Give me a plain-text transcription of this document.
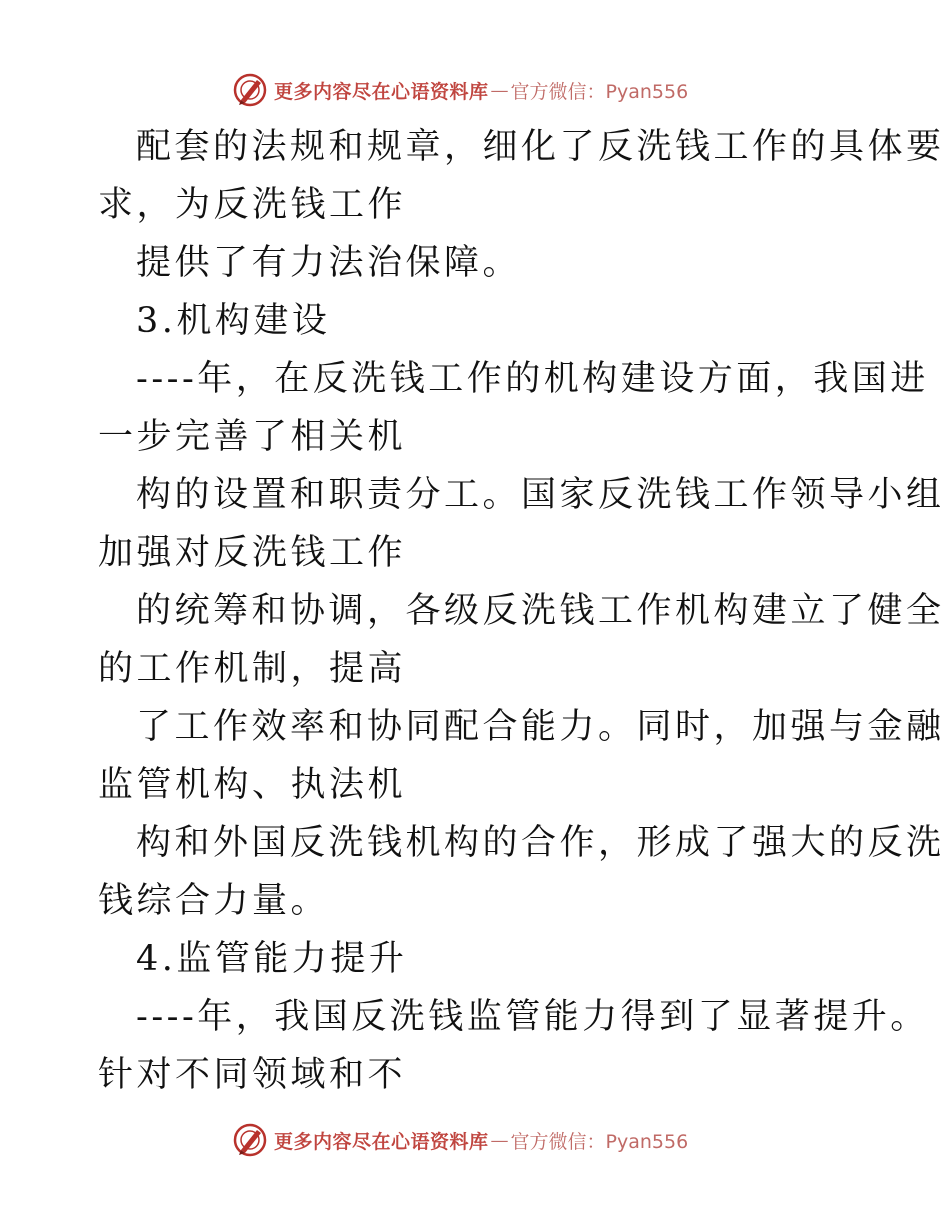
更多内容尽在心语资料库 — 官方微信：Pyan556
配套的法规和规章，细化了反洗钱工作的具体要
求，为反洗钱工作
提供了有力法治保障。
3.机构建设
----年，在反洗钱工作的机构建设方面，我国进
一步完善了相关机
构的设置和职责分工。国家反洗钱工作领导小组
加强对反洗钱工作
的统筹和协调，各级反洗钱工作机构建立了健全
的工作机制，提高
了工作效率和协同配合能力。同时，加强与金融
监管机构、执法机
构和外国反洗钱机构的合作，形成了强大的反洗
钱综合力量。
4.监管能力提升
----年，我国反洗钱监管能力得到了显著提升。
针对不同领域和不
更多内容尽在心语资料库 — 官方微信：Pyan556
